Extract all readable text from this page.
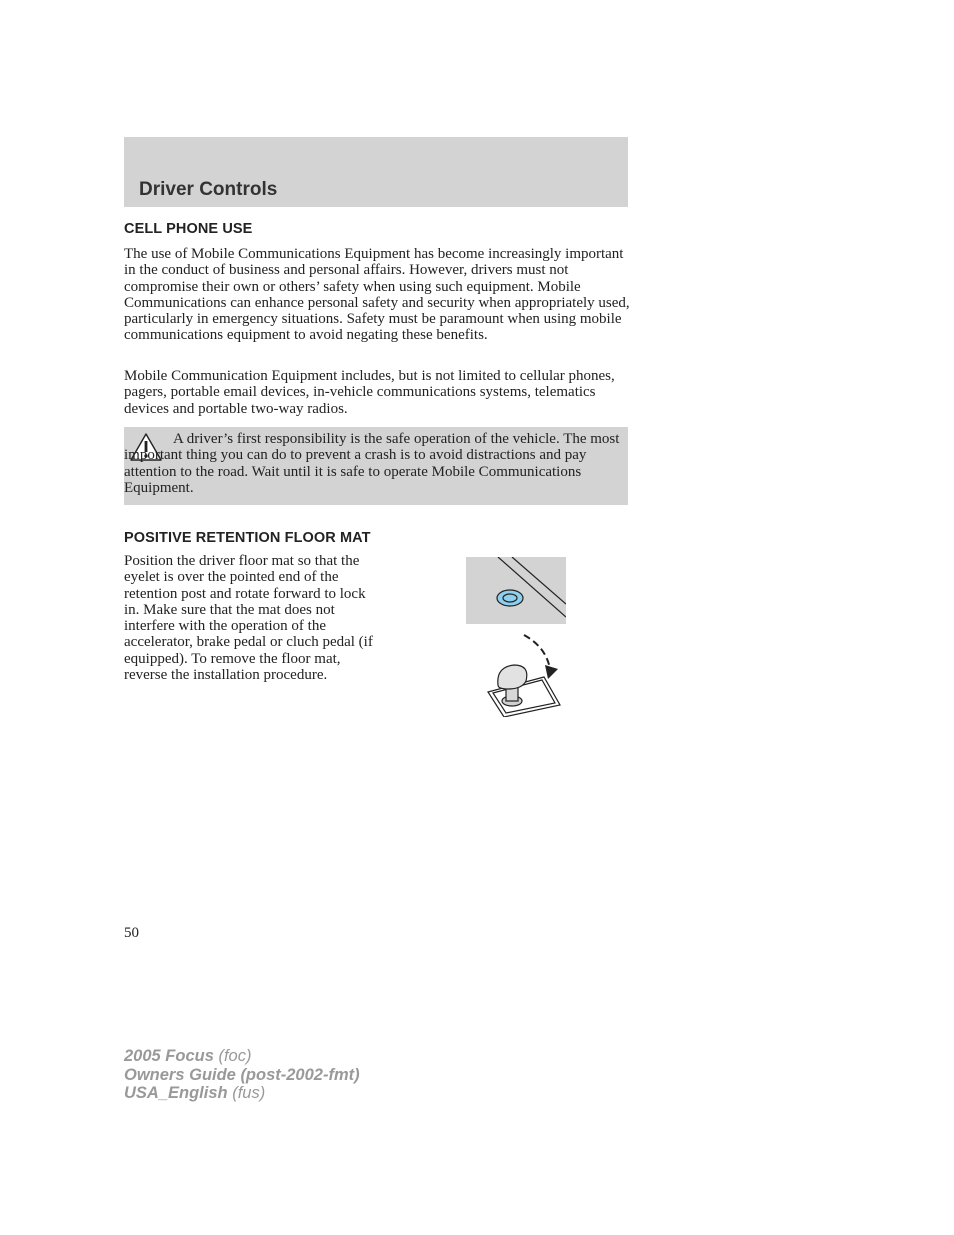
Driver Controls
CELL PHONE USE

The use of Mobile Communications Equipment has become increasingly important in the conduct of business and personal affairs. However, drivers must not compromise their own or others’ safety when using such equipment. Mobile Communications can enhance personal safety and security when appropriately used, particularly in emergency situations. Safety must be paramount when using mobile communications equipment to avoid negating these benefits.

Mobile Communication Equipment includes, but is not limited to cellular phones, pagers, portable email devices, in-vehicle communications systems, telematics devices and portable two-way radios.

A driver’s first responsibility is the safe operation of the vehicle. The most important thing you can do to prevent a crash is to avoid distractions and pay attention to the road. Wait until it is safe to operate Mobile Communications Equipment.

POSITIVE RETENTION FLOOR MAT

Position the driver floor mat so that the eyelet is over the pointed end of the retention post and rotate forward to lock in. Make sure that the mat does not interfere with the operation of the accelerator, brake pedal or cluch pedal (if equipped). To remove the floor mat, reverse the installation procedure.

50
2005 Focus (foc)
Owners Guide (post-2002-fmt)
USA_English (fus)
